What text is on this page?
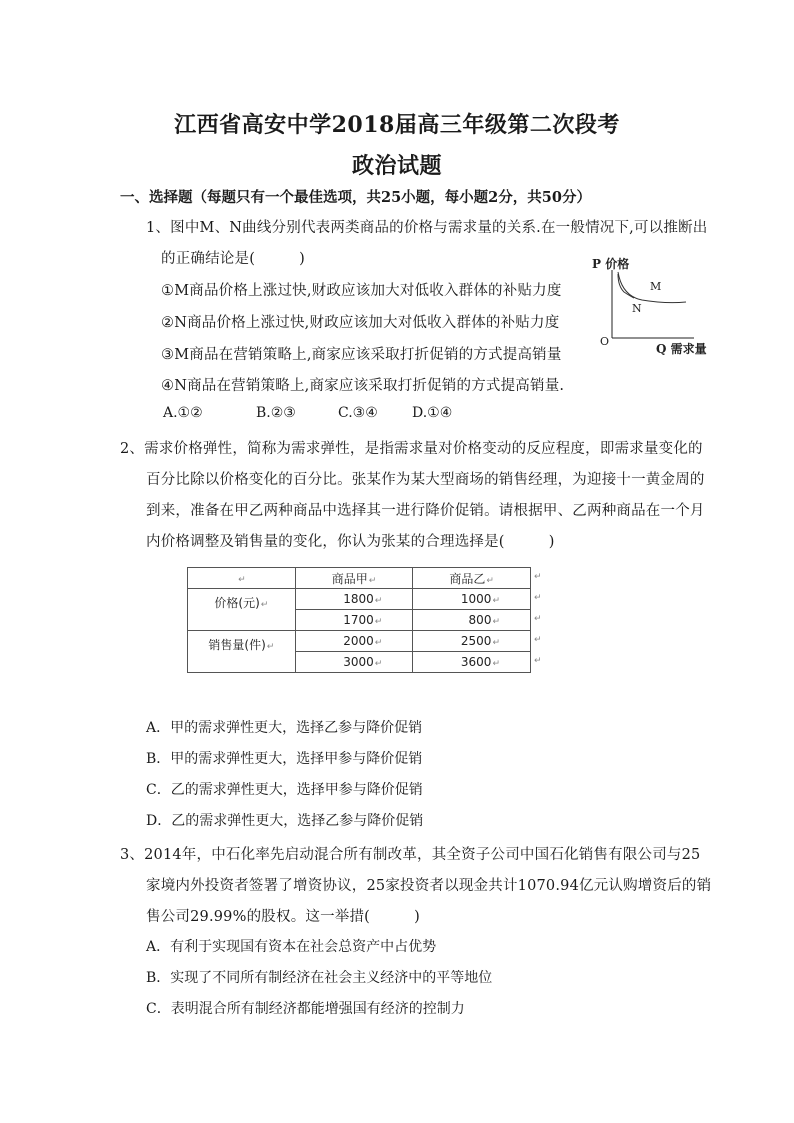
江西省高安中学2018届高三年级第二次段考
政治试题
一、选择题（每题只有一个最佳选项，共25小题，每小题2分，共50分）
1、图中M、N曲线分别代表两类商品的价格与需求量的关系.在一般情况下,可以推断出
的正确结论是(　　　)
①M商品价格上涨过快,财政应该加大对低收入群体的补贴力度
②N商品价格上涨过快,财政应该加大对低收入群体的补贴力度
③M商品在营销策略上,商家应该采取打折促销的方式提高销量
④N商品在营销策略上,商家应该采取打折促销的方式提高销量.
A.①②	B.②③	C.③④ D.①④
P 价格
Q 需求量
O
M
N
2、需求价格弹性，简称为需求弹性，是指需求量对价格变动的反应程度，即需求量变化的
百分比除以价格变化的百分比。张某作为某大型商场的销售经理，为迎接十一黄金周的
到来，准备在甲乙两种商品中选择其一进行降价促销。请根据甲、乙两种商品在一个月
内价格调整及销售量的变化，你认为张某的合理选择是(　　　)
↵	商品甲↵	商品乙↵
价格(元)↵	1800↵	1000↵
	1700↵	800↵
销售量(件)↵	2000↵	2500↵
	3000↵	3600↵
↵
↵
↵
↵
↵
A．甲的需求弹性更大，选择乙参与降价促销
B．甲的需求弹性更大，选择甲参与降价促销
C．乙的需求弹性更大，选择甲参与降价促销
D．乙的需求弹性更大，选择乙参与降价促销
3、2014年，中石化率先启动混合所有制改革，其全资子公司中国石化销售有限公司与25
家境内外投资者签署了增资协议，25家投资者以现金共计1070.94亿元认购增资后的销
售公司29.99%的股权。这一举措(　　　)
A．有利于实现国有资本在社会总资产中占优势
B．实现了不同所有制经济在社会主义经济中的平等地位
C．表明混合所有制经济都能增强国有经济的控制力
